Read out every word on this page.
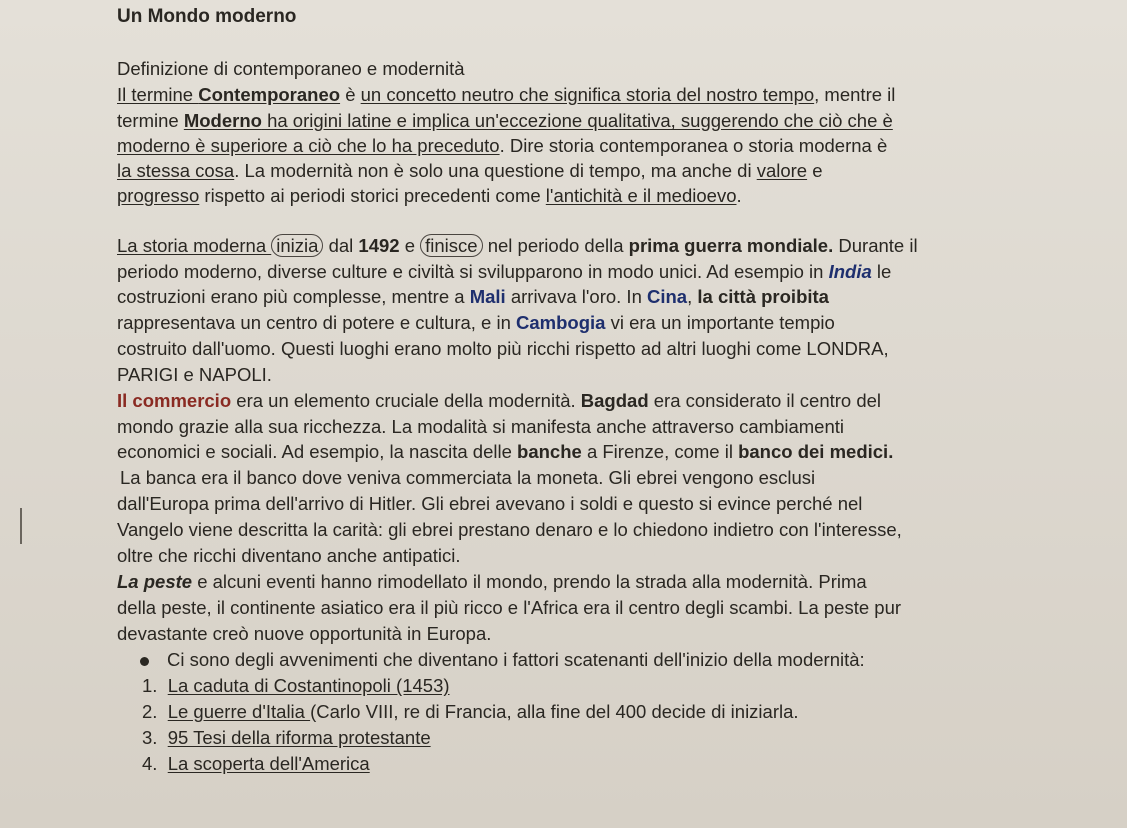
Un Mondo moderno
Definizione di contemporaneo e modernità
Il termine Contemporaneo è un concetto neutro che significa storia del nostro tempo, mentre il
termine Moderno ha origini latine e implica un'eccezione qualitativa, suggerendo che ciò che è
moderno è superiore a ciò che lo ha preceduto. Dire storia contemporanea o storia moderna è
la stessa cosa. La modernità non è solo una questione di tempo, ma anche di valore e
progresso rispetto ai periodi storici precedenti come l'antichità e il medioevo.
La storia moderna inizia dal 1492 e finisce nel periodo della prima guerra mondiale. Durante il
periodo moderno, diverse culture e civiltà si svilupparono in modo unici. Ad esempio in India le
costruzioni erano più complesse, mentre a Mali arrivava l'oro. In Cina, la città proibita
rappresentava un centro di potere e cultura, e in Cambogia vi era un importante tempio
costruito dall'uomo. Questi luoghi erano molto più ricchi rispetto ad altri luoghi come LONDRA,
PARIGI e NAPOLI.
Il commercio era un elemento cruciale della modernità. Bagdad era considerato il centro del
mondo grazie alla sua ricchezza. La modalità si manifesta anche attraverso cambiamenti
economici e sociali. Ad esempio, la nascita delle banche a Firenze, come il banco dei medici.
La banca era il banco dove veniva commerciata la moneta. Gli ebrei vengono esclusi
dall'Europa prima dell'arrivo di Hitler. Gli ebrei avevano i soldi e questo si evince perché nel
Vangelo viene descritta la carità: gli ebrei prestano denaro e lo chiedono indietro con l'interesse,
oltre che ricchi diventano anche antipatici.
La peste e alcuni eventi hanno rimodellato il mondo, prendo la strada alla modernità. Prima
della peste, il continente asiatico era il più ricco e l'Africa era il centro degli scambi. La peste pur
devastante creò nuove opportunità in Europa.
Ci sono degli avvenimenti che diventano i fattori scatenanti dell'inizio della modernità:
1. La caduta di Costantinopoli (1453)
2. Le guerre d'Italia (Carlo VIII, re di Francia, alla fine del 400 decide di iniziarla.
3. 95 Tesi della riforma protestante
4. La scoperta dell'America
